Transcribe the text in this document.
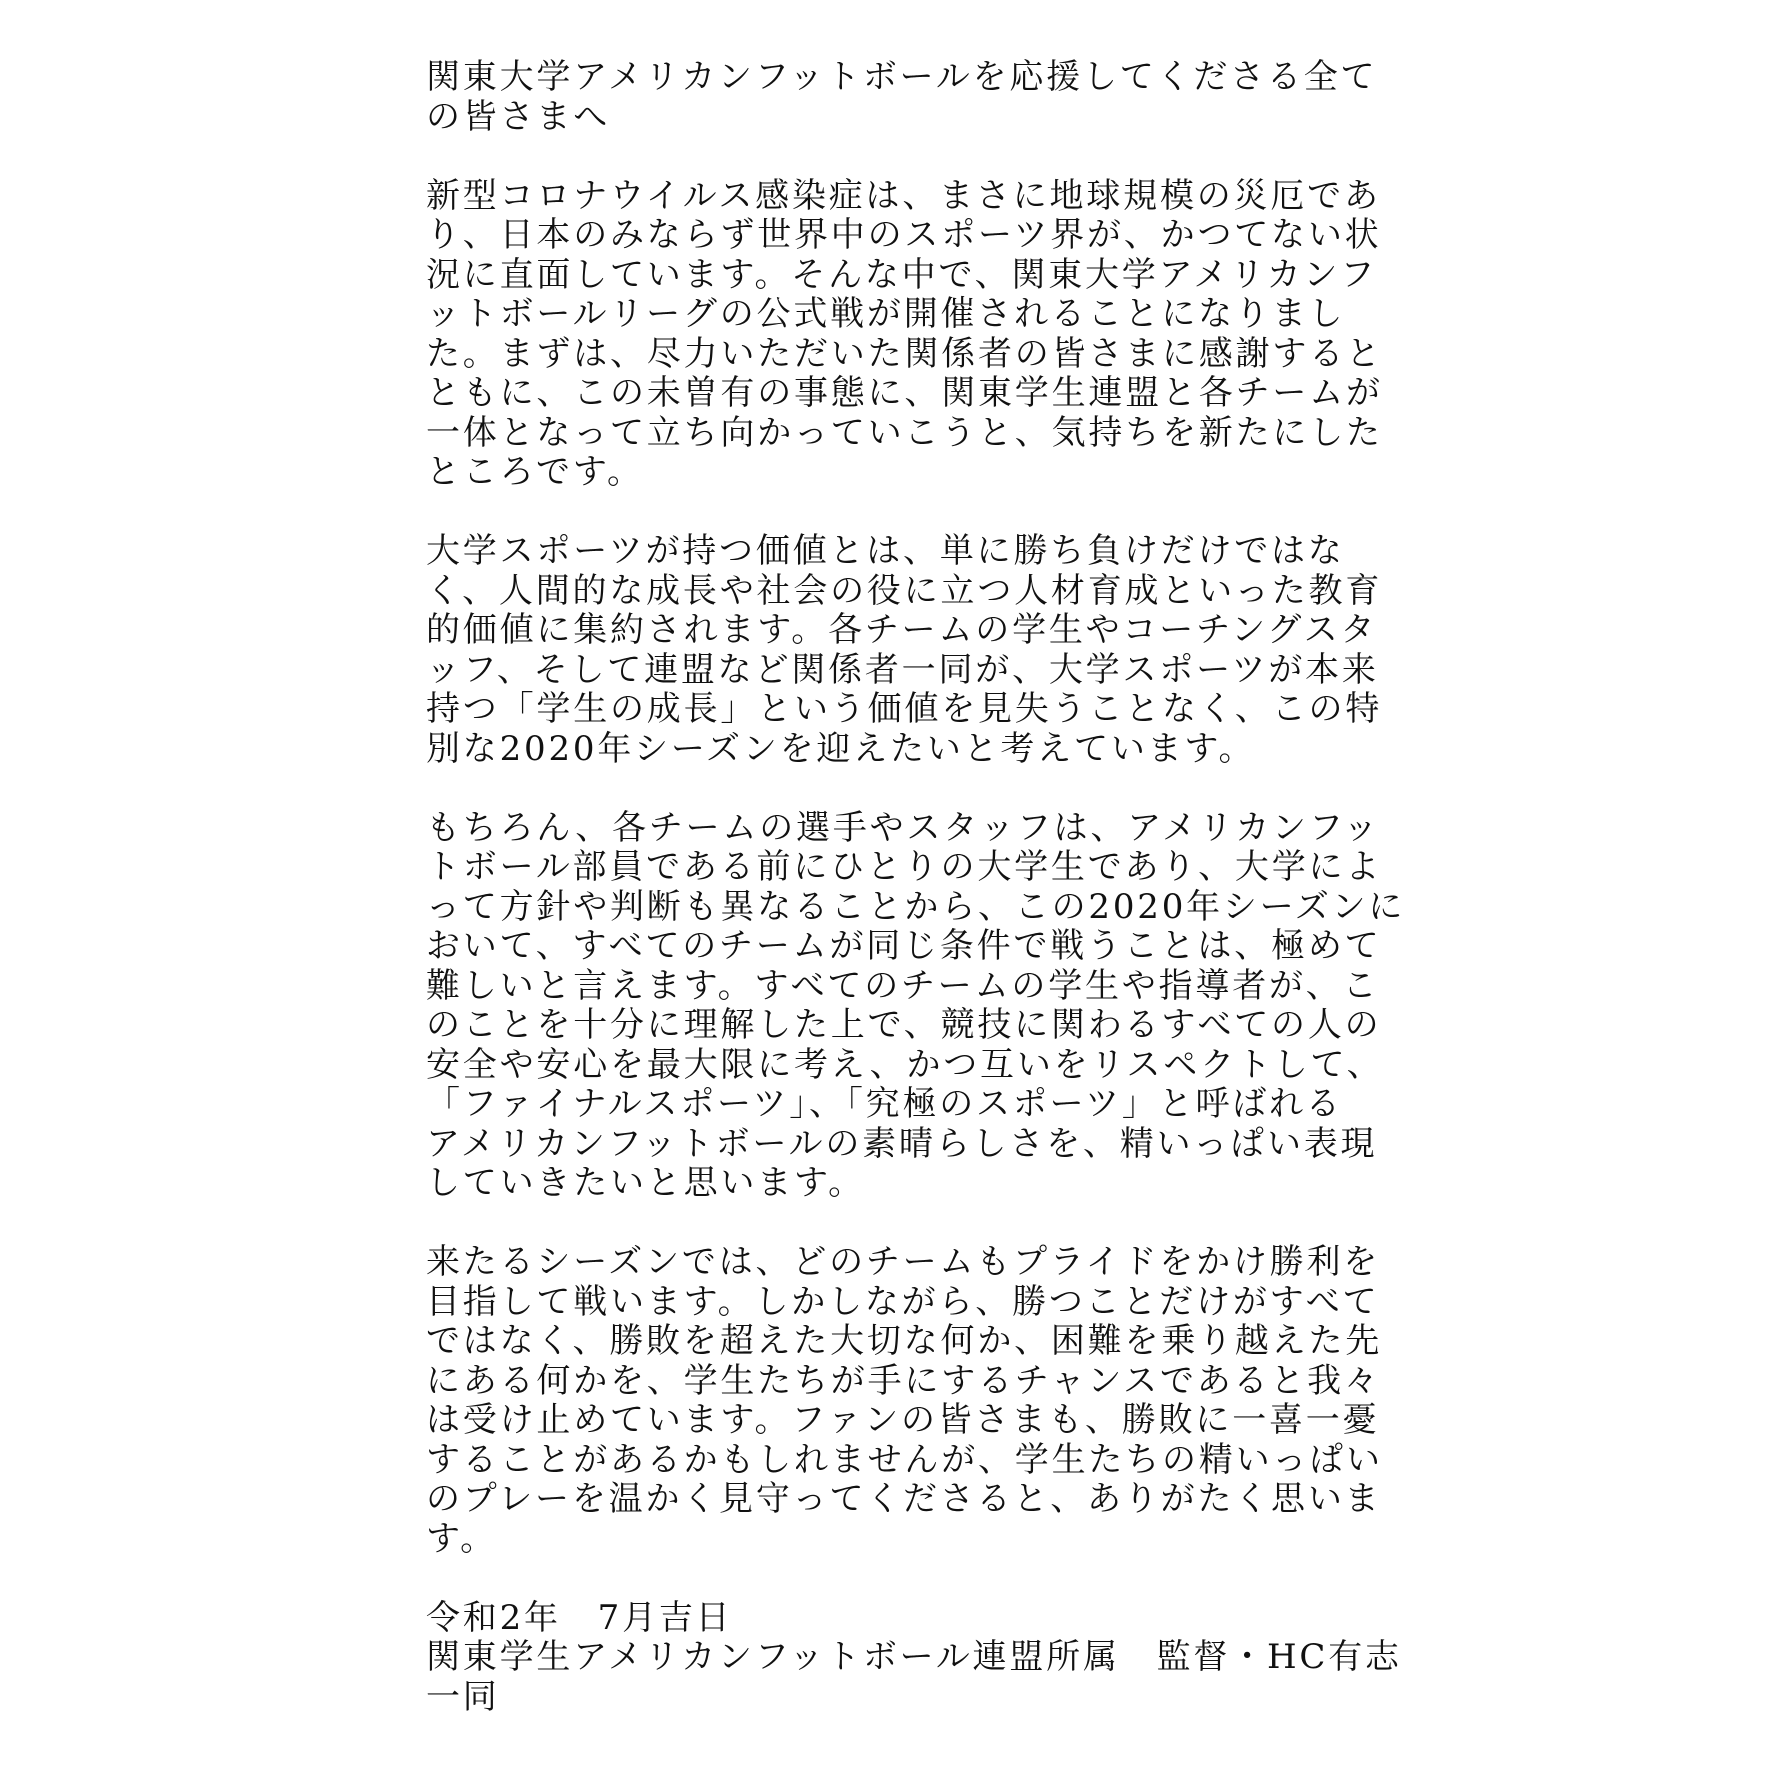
関東大学アメリカンフットボールを応援してくださる全て
の皆さまへ
新型コロナウイルス感染症は、まさに地球規模の災厄であ
り、日本のみならず世界中のスポーツ界が、かつてない状
況に直面しています。そんな中で、関東大学アメリカンフ
ットボールリーグの公式戦が開催されることになりまし
た。まずは、尽力いただいた関係者の皆さまに感謝すると
ともに、この未曽有の事態に、関東学生連盟と各チームが
一体となって立ち向かっていこうと、気持ちを新たにした
ところです。
大学スポーツが持つ価値とは、単に勝ち負けだけではな
く、人間的な成長や社会の役に立つ人材育成といった教育
的価値に集約されます。各チームの学生やコーチングスタ
ッフ、そして連盟など関係者一同が、大学スポーツが本来
持つ「学生の成長」という価値を見失うことなく、この特
別な2020年シーズンを迎えたいと考えています。
もちろん、各チームの選手やスタッフは、アメリカンフッ
トボール部員である前にひとりの大学生であり、大学によ
って方針や判断も異なることから、この2020年シーズンに
おいて、すべてのチームが同じ条件で戦うことは、極めて
難しいと言えます。すべてのチームの学生や指導者が、こ
のことを十分に理解した上で、競技に関わるすべての人の
安全や安心を最大限に考え、かつ互いをリスペクトして、
「ファイナルスポーツ」、「究極のスポーツ」と呼ばれる
アメリカンフットボールの素晴らしさを、精いっぱい表現
していきたいと思います。
来たるシーズンでは、どのチームもプライドをかけ勝利を
目指して戦います。しかしながら、勝つことだけがすべて
ではなく、勝敗を超えた大切な何か、困難を乗り越えた先
にある何かを、学生たちが手にするチャンスであると我々
は受け止めています。ファンの皆さまも、勝敗に一喜一憂
することがあるかもしれませんが、学生たちの精いっぱい
のプレーを温かく見守ってくださると、ありがたく思いま
す。
令和2年　7月吉日
関東学生アメリカンフットボール連盟所属　監督・HC有志
一同
